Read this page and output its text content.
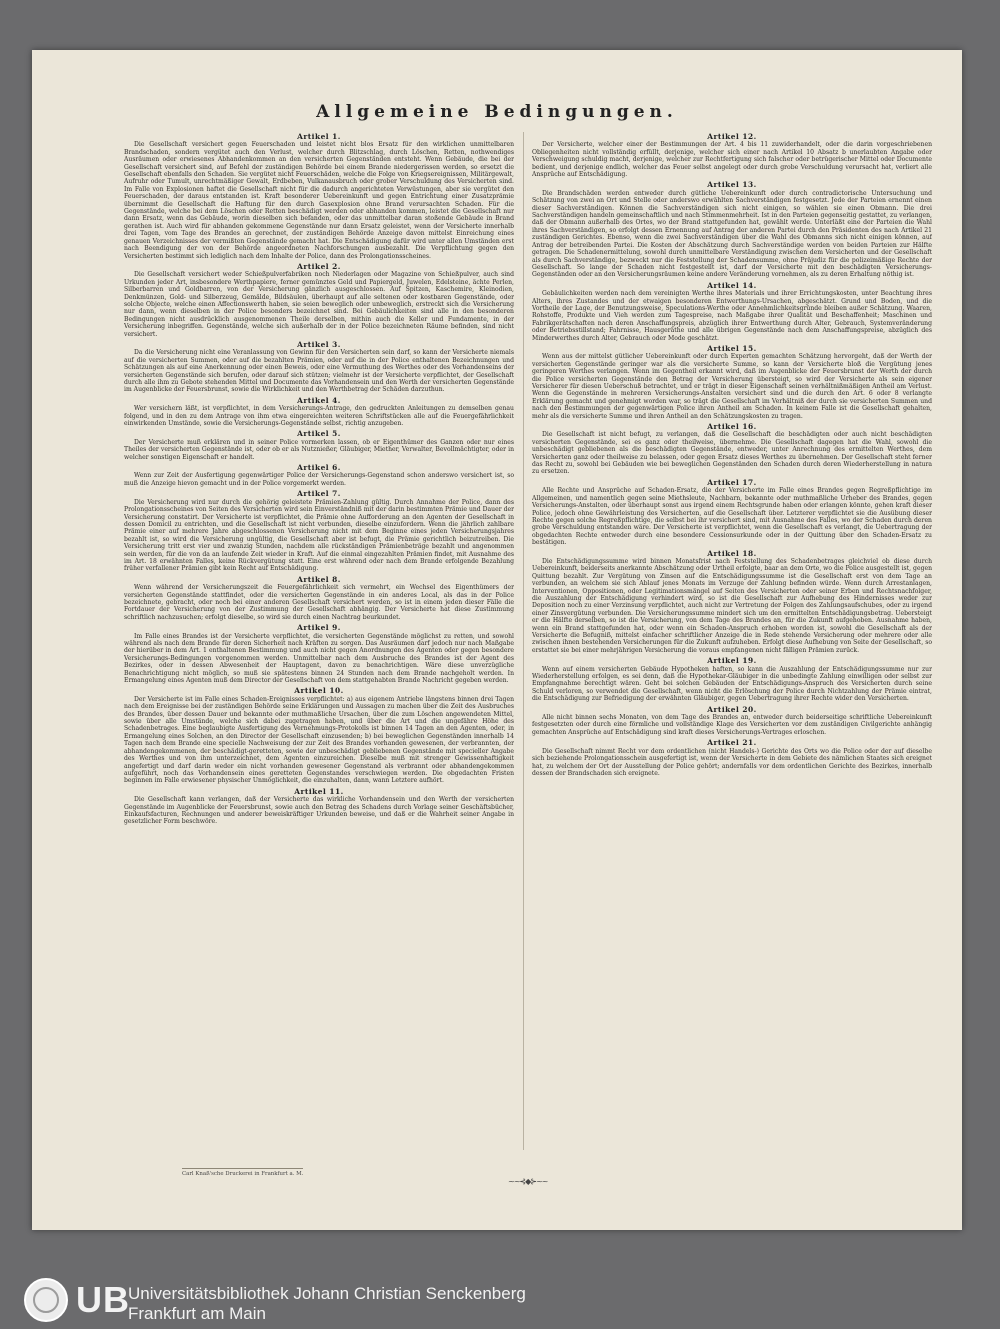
Allgemeine Bedingungen.
Artikel 1.

Die Gesellschaft versichert gegen Feuerschaden und leistet nicht blos Ersatz für den wirklichen unmittelbaren Brandschaden, sondern vergütet auch den Verlust, welcher durch Blitzschlag, durch Löschen, Retten, nothwendiges Ausräumen oder erwiesenes Abhandenkommen an den versicherten Gegenständen entsteht. Wenn Gebäude, die bei der Gesellschaft versichert sind, auf Befehl der zuständigen Behörde bei einem Brande niedergerissen werden, so ersetzt die Gesellschaft ebenfalls den Schaden. Sie vergütet nicht Feuerschäden, welche die Folge von Kriegsereignissen, Militärgewalt, Aufruhr oder Tumult, unrechtmäßiger Gewalt, Erdbeben, Vulkanausbruch oder grober Verschuldung des Versicherten sind. Im Falle von Explosionen haftet die Gesellschaft nicht für die dadurch angerichteten Verwüstungen, aber sie vergütet den Feuerschaden, der daraus entstanden ist. Kraft besonderer Uebereinkunft und gegen Entrichtung einer Zusatzprämie übernimmt die Gesellschaft die Haftung für den durch Gasexplosion ohne Brand verursachten Schaden. Für die Gegenstände, welche bei dem Löschen oder Retten beschädigt werden oder abhanden kommen, leistet die Gesellschaft nur dann Ersatz, wenn das Gebäude, worin dieselben sich befanden, oder das unmittelbar daran stoßende Gebäude in Brand gerathen ist. Auch wird für abhanden gekommene Gegenstände nur dann Ersatz geleistet, wenn der Versicherte innerhalb drei Tagen, vom Tage des Brandes an gerechnet, der zuständigen Behörde Anzeige davon mittelst Einreichung eines genauen Verzeichnisses der vermißten Gegenstände gemacht hat. Die Entschädigung dafür wird unter allen Umständen erst nach Beendigung der von der Behörde angeordneten Nachforschungen ausbezahlt. Die Verpflichtung gegen den Versicherten bestimmt sich lediglich nach dem Inhalte der Police, dann des Prolongationsscheines.

Artikel 2.

Die Gesellschaft versichert weder Schießpulverfabriken noch Niederlagen oder Magazine von Schießpulver, auch sind Urkunden jeder Art, insbesondere Werthpapiere, ferner gemünztes Geld und Papiergeld, Juwelen, Edelsteine, ächte Perlen, Silberbarren und Goldbarren, von der Versicherung gänzlich ausgeschlossen. Auf Spitzen, Kaschemire, Kleinodien, Denkmünzen, Gold- und Silberzeug, Gemälde, Bildsäulen, überhaupt auf alle seltenen oder kostbaren Gegenstände, oder solche Objecte, welche einen Affectionswerth haben, sie seien beweglich oder unbeweglich, erstreckt sich die Versicherung nur dann, wenn dieselben in der Police besonders bezeichnet sind. Bei Gebäulichkeiten sind alle in den besonderen Bedingungen nicht ausdrücklich ausgenommenen Theile derselben, mithin auch die Keller und Fundamente, in der Versicherung inbegriffen. Gegenstände, welche sich außerhalb der in der Police bezeichneten Räume befinden, sind nicht versichert.

Artikel 3.

Da die Versicherung nicht eine Veranlassung von Gewinn für den Versicherten sein darf, so kann der Versicherte niemals auf die versicherten Summen, oder auf die bezahlten Prämien, oder auf die in der Police enthaltenen Bezeichnungen und Schätzungen als auf eine Anerkennung oder einen Beweis, oder eine Vermuthung des Werthes oder des Vorhandenseins der versicherten Gegenstände sich berufen, oder darauf sich stützen; vielmehr ist der Versicherte verpflichtet, der Gesellschaft durch alle ihm zu Gebote stehenden Mittel und Documente das Vorhandensein und den Werth der versicherten Gegenstände im Augenblicke der Feuersbrunst, sowie die Wirklichkeit und den Werthbetrag der Schäden darzuthun.

Artikel 4.

Wer versichern läßt, ist verpflichtet, in dem Versicherungs-Antrage, den gedruckten Anleitungen zu demselben genau folgend, und in den zu dem Antrage von ihm etwa eingereichten weiteren Schriftstücken alle auf die Feuergefährlichkeit einwirkenden Umstände, sowie die Versicherungs-Gegenstände selbst, richtig anzugeben.

Artikel 5.

Der Versicherte muß erklären und in seiner Police vormerken lassen, ob er Eigenthümer des Ganzen oder nur eines Theiles der versicherten Gegenstände ist, oder ob er als Nutznießer, Gläubiger, Miether, Verwalter, Bevollmächtigter, oder in welcher sonstigen Eigenschaft er handelt.

Artikel 6.

Wenn zur Zeit der Ausfertigung gegenwärtiger Police der Versicherungs-Gegenstand schon anderswo versichert ist, so muß die Anzeige hievon gemacht und in der Police vorgemerkt werden.

Artikel 7.

Die Versicherung wird nur durch die gehörig geleistete Prämien-Zahlung gültig. Durch Annahme der Police, dann des Prolongationsscheines von Seiten des Versicherten wird sein Einverständniß mit der darin bestimmten Prämie und Dauer der Versicherung constatirt. Der Versicherte ist verpflichtet, die Prämie ohne Aufforderung an den Agenten der Gesellschaft in dessen Domicil zu entrichten, und die Gesellschaft ist nicht verbunden, dieselbe einzufordern. Wenn die jährlich zahlbare Prämie einer auf mehrere Jahre abgeschlossenen Versicherung nicht mit dem Beginne eines jeden Versicherungsjahres bezahlt ist, so wird die Versicherung ungültig, die Gesellschaft aber ist befugt, die Prämie gerichtlich beizutreiben. Die Versicherung tritt erst vier und zwanzig Stunden, nachdem alle rückständigen Prämienbeträge bezahlt und angenommen sein werden, für die von da an laufende Zeit wieder in Kraft. Auf die einmal eingezahlten Prämien findet, mit Ausnahme des im Art. 18 erwähnten Falles, keine Rückvergütung statt. Eine erst während oder nach dem Brande erfolgende Bezahlung früher verfallener Prämien gibt kein Recht auf Entschädigung.

Artikel 8.

Wenn während der Versicherungszeit die Feuergefährlichkeit sich vermehrt, ein Wechsel des Eigenthümers der versicherten Gegenstände stattfindet, oder die versicherten Gegenstände in ein anderes Local, als das in der Police bezeichnete, gebracht, oder noch bei einer anderen Gesellschaft versichert werden, so ist in einem jeden dieser Fälle die Fortdauer der Versicherung von der Zustimmung der Gesellschaft abhängig. Der Versicherte hat diese Zustimmung schriftlich nachzusuchen; erfolgt dieselbe, so wird sie durch einen Nachtrag beurkundet.

Artikel 9.

Im Falle eines Brandes ist der Versicherte verpflichtet, die versicherten Gegenstände möglichst zu retten, und sowohl während als nach dem Brande für deren Sicherheit nach Kräften zu sorgen. Das Ausräumen darf jedoch nur nach Maßgabe der hierüber in dem Art. 1 enthaltenen Bestimmung und auch nicht gegen Anordnungen des Agenten oder gegen besondere Versicherungs-Bedingungen vorgenommen werden. Unmittelbar nach dem Ausbruche des Brandes ist der Agent des Bezirkes, oder in dessen Abwesenheit der Hauptagent, davon zu benachrichtigen. Wäre diese unverzügliche Benachrichtigung nicht möglich, so muß sie spätestens binnen 24 Stunden nach dem Brande nachgeholt werden. In Ermangelung eines Agenten muß dem Director der Gesellschaft von dem stattgehabten Brande Nachricht gegeben werden.

Artikel 10.

Der Versicherte ist im Falle eines Schaden-Ereignisses verpflichtet: a) aus eigenem Antriebe längstens binnen drei Tagen nach dem Ereignisse bei der zuständigen Behörde seine Erklärungen und Aussagen zu machen über die Zeit des Ausbruches des Brandes, über dessen Dauer und bekannte oder muthmaßliche Ursachen, über die zum Löschen angewendeten Mittel, sowie über alle Umstände, welche sich dabei zugetragen haben, und über die Art und die ungefähre Höhe des Schadenbetrages. Eine beglaubigte Ausfertigung des Vernehmungs-Protokolls ist binnen 14 Tagen an den Agenten, oder, in Ermangelung eines Solchen, an den Director der Gesellschaft einzusenden; b) bei beweglichen Gegenständen innerhalb 14 Tagen nach dem Brande eine specielle Nachweisung der zur Zeit des Brandes vorhanden gewesenen, der verbrannten, der abhandengekommenen, der beschädigt-geretteten, sowie der unbeschädigt gebliebenen Gegenstände mit specieller Angabe des Werthes und von ihm unterzeichnet, dem Agenten einzureichen. Dieselbe muß mit strenger Gewissenhaftigkeit angefertigt und darf darin weder ein nicht vorhanden gewesener Gegenstand als verbrannt oder abhandengekommen aufgeführt, noch das Vorhandensein eines geretteten Gegenstandes verschwiegen werden. Die obgedachten Fristen beginnen im Falle erwiesener physischer Unmöglichkeit, die einzuhalten, dann, wann Letztere aufhört.

Artikel 11.

Die Gesellschaft kann verlangen, daß der Versicherte das wirkliche Vorhandensein und den Werth der versicherten Gegenstände im Augenblicke der Feuersbrunst, sowie auch den Betrag des Schadens durch Vorlage seiner Geschäftsbücher, Einkaufsfacturen, Rechnungen und anderer beweiskräftiger Urkunden beweise, und daß er die Wahrheit seiner Angabe in gesetzlicher Form beschwöre.

Artikel 12.

Der Versicherte, welcher einer der Bestimmungen der Art. 4 bis 11 zuwiderhandelt, oder die darin vorgeschriebenen Obliegenheiten nicht vollständig erfüllt, derjenige, welcher sich einer nach Artikel 10 Absatz b unerlaubten Angabe oder Verschweigung schuldig macht, derjenige, welcher zur Rechtfertigung sich falscher oder betrügerischer Mittel oder Documente bedient, und derjenige endlich, welcher das Feuer selbst angelegt oder durch grobe Verschuldung verursacht hat, verliert alle Ansprüche auf Entschädigung.

Artikel 13.

Die Brandschäden werden entweder durch gütliche Uebereinkunft oder durch contradictorische Untersuchung und Schätzung von zwei an Ort und Stelle oder anderswo erwählten Sachverständigen festgesetzt. Jede der Parteien ernennt einen dieser Sachverständigen. Können die Sachverständigen sich nicht einigen, so wählen sie einen Obmann. Die drei Sachverständigen handeln gemeinschaftlich und nach Stimmenmehrheit. Ist in den Parteien gegenseitig gestattet, zu verlangen, daß der Obmann außerhalb des Ortes, wo der Brand stattgefunden hat, gewählt werde. Unterläßt eine der Parteien die Wahl ihres Sachverständigen, so erfolgt dessen Ernennung auf Antrag der anderen Partei durch den Präsidenten des nach Artikel 21 zuständigen Gerichtes. Ebenso, wenn die zwei Sachverständigen über die Wahl des Obmanns sich nicht einigen können, auf Antrag der betreibenden Partei. Die Kosten der Abschätzung durch Sachverständige werden von beiden Parteien zur Hälfte getragen. Die Schadenermittelung, sowohl durch unmittelbare Verständigung zwischen dem Versicherten und der Gesellschaft als durch Sachverständige, bezweckt nur die Feststellung der Schadensumme, ohne Präjudiz für die polizeimäßige Rechte der Gesellschaft. So lange der Schaden nicht festgestellt ist, darf der Versicherte mit den beschädigten Versicherungs-Gegenständen oder an den Versicherungsräumen keine andere Veränderung vornehmen, als zu deren Erhaltung nöthig ist.

Artikel 14.

Gebäulichkeiten werden nach dem vereinigten Werthe ihres Materials und ihrer Errichtungskosten, unter Beachtung ihres Alters, ihres Zustandes und der etwaigen besonderen Entwerthungs-Ursachen, abgeschätzt. Grund und Boden, und die Vortheile der Lage, der Benutzungsweise, Speculations-Werthe oder Annehmlichkeitsgründe bleiben außer Schätzung. Waaren, Rohstoffe, Produkte und Vieh werden zum Tagespreise, nach Maßgabe ihrer Qualität und Beschaffenheit; Maschinen und Fabrikgerätschaften nach deren Anschaffungspreis, abzüglich ihrer Entwerthung durch Alter, Gebrauch, Systemveränderung oder Betriebsstillstand; Fahrnisse, Hausgeräthe und alle übrigen Gegenstände nach dem Anschaffungspreise, abzüglich des Minderwerthes durch Alter, Gebrauch oder Mode geschätzt.

Artikel 15.

Wenn aus der mittelst gütlicher Uebereinkunft oder durch Experten gemachten Schätzung hervorgeht, daß der Werth der versicherten Gegenstände geringer war als die versicherte Summe, so kann der Versicherte bloß die Vergütung jenes geringeren Werthes verlangen. Wenn im Gegentheil erkannt wird, daß im Augenblicke der Feuersbrunst der Werth der durch die Police versicherten Gegenstände den Betrag der Versicherung übersteigt, so wird der Versicherte als sein eigener Versicherer für diesen Ueberschuß betrachtet, und er trägt in dieser Eigenschaft seinen verhältnißmäßigen Antheil am Verlust. Wenn die Gegenstände in mehreren Versicherungs-Anstalten versichert sind und die durch den Art. 6 oder 8 verlangte Erklärung gemacht und genehmigt worden war, so trägt die Gesellschaft im Verhältniß der durch sie versicherten Summen und nach den Bestimmungen der gegenwärtigen Police ihren Antheil am Schaden. In keinem Falle ist die Gesellschaft gehalten, mehr als die versicherte Summe und ihren Antheil an den Schätzungskosten zu tragen.

Artikel 16.

Die Gesellschaft ist nicht befugt, zu verlangen, daß die Gesellschaft die beschädigten oder auch nicht beschädigten versicherten Gegenstände, sei es ganz oder theilweise, übernehme. Die Gesellschaft dagegen hat die Wahl, sowohl die unbeschädigt gebliebenen als die beschädigten Gegenstände, entweder, unter Anrechnung des ermittelten Werthes, dem Versicherten ganz oder theilweise zu belassen, oder gegen Ersatz dieses Werthes zu übernehmen. Der Gesellschaft steht ferner das Recht zu, sowohl bei Gebäuden wie bei beweglichen Gegenständen den Schaden durch deren Wiederherstellung in natura zu ersetzen.

Artikel 17.

Alle Rechte und Ansprüche auf Schaden-Ersatz, die der Versicherte im Falle eines Brandes gegen Regreßpflichtige im Allgemeinen, und namentlich gegen seine Miethsleute, Nachbarn, bekannte oder muthmaßliche Urheber des Brandes, gegen Versicherungs-Anstalten, oder überhaupt sonst aus irgend einem Rechtsgrunde haben oder erlangen könnte, gehen kraft dieser Police, jedoch ohne Gewährleistung des Versicherten, auf die Gesellschaft über. Letzterer verpflichtet sie die Ausübung dieser Rechte gegen solche Regreßpflichtige, die selbst bei ihr versichert sind, mit Ausnahme des Falles, wo der Schaden durch deren grobe Verschuldung entstanden wäre. Der Versicherte ist verpflichtet, wenn die Gesellschaft es verlangt, die Uebertragung der obgedachten Rechte entweder durch eine besondere Cessionsurkunde oder in der Quittung über den Schaden-Ersatz zu bestätigen.

Artikel 18.

Die Entschädigungssumme wird binnen Monatsfrist nach Feststellung des Schadenbetrages gleichviel ob diese durch Uebereinkunft, beiderseits anerkannte Abschätzung oder Urtheil erfolgte, baar an dem Orte, wo die Police ausgestellt ist, gegen Quittung bezahlt. Zur Vergütung von Zinsen auf die Entschädigungssumme ist die Gesellschaft erst von dem Tage an verbunden, an welchem sie sich Ablauf jenes Monats im Verzuge der Zahlung befinden würde. Wenn durch Arrestanlagen, Interventionen, Oppositionen, oder Legitimationsmängel auf Seiten des Versicherten oder seiner Erben und Rechtsnachfolger, die Auszahlung der Entschädigung verhindert wird, so ist die Gesellschaft zur Aufhebung des Hindernisses weder zur Deposition noch zu einer Verzinsung verpflichtet, auch nicht zur Vertretung der Folgen des Zahlungsaufschubes, oder zu irgend einer Zinsvergütung verbunden. Die Versicherungssumme mindert sich um den ermittelten Entschädigungsbetrag. Uebersteigt er die Hälfte derselben, so ist die Versicherung, von dem Tage des Brandes an, für die Zukunft aufgehoben. Ausnahme haben, wenn ein Brand stattgefunden hat, oder wenn ein Schaden-Anspruch erhoben worden ist, sowohl die Gesellschaft als der Versicherte die Befugniß, mittelst einfacher schriftlicher Anzeige die in Rede stehende Versicherung oder mehrere oder alle zwischen ihnen bestehenden Versicherungen für die Zukunft aufzuheben. Erfolgt diese Aufhebung von Seite der Gesellschaft, so erstattet sie bei einer mehrjährigen Versicherung die voraus empfangenen nicht fälligen Prämien zurück.

Artikel 19.

Wenn auf einem versicherten Gebäude Hypotheken haften, so kann die Auszahlung der Entschädigungssumme nur zur Wiederherstellung erfolgen, es sei denn, daß die Hypothekar-Gläubiger in die unbedingte Zahlung einwilligen oder selbst zur Empfangnahme berechtigt wären. Geht bei solchen Gebäuden der Entschädigungs-Anspruch des Versicherten durch seine Schuld verloren, so verwendet die Gesellschaft, wenn nicht die Erlöschung der Police durch Nichtzahlung der Prämie eintrat, die Entschädigung zur Befriedigung der erwähnten Gläubiger, gegen Uebertragung ihrer Rechte wider den Versicherten.

Artikel 20.

Alle nicht binnen sechs Monaten, von dem Tage des Brandes an, entweder durch beiderseitige schriftliche Uebereinkunft festgesetzten oder durch eine förmliche und vollständige Klage des Versicherten vor dem zuständigen Civilgerichte anhängig gemachten Ansprüche auf Entschädigung sind kraft dieses Versicherungs-Vertrages erloschen.

Artikel 21.

Die Gesellschaft nimmt Recht vor dem ordentlichen (nicht Handels-) Gerichte des Orts wo die Police oder der auf dieselbe sich beziehende Prolongationsschein ausgefertigt ist, wenn der Versicherte in dem Gebiete des nämlichen Staates sich ereignet hat, zu welchem der Ort der Ausstellung der Police gehört; andernfalls vor dem ordentlichen Gerichte des Bezirkes, innerhalb dessen der Brandschaden sich ereignete.

Carl Knaß'sche Druckerei in Frankfurt a. M.
~~⊰◆⊱~~
UB
Universitätsbibliothek Johann Christian Senckenberg
Frankfurt am Main
